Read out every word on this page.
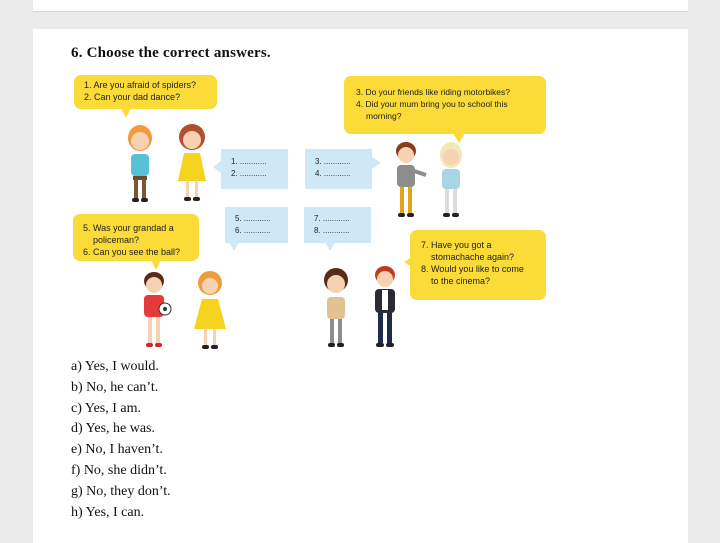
6. Choose the correct answers.
1. Are you afraid of spiders?
2. Can your dad dance?	3. Do your friends like riding motorbikes?
4. Did your mum bring you to school this
morning?
5. Was your grandad a
policeman?
6. Can you see the ball?
7. Have you got a
stomachache again?
8. Would you like to come
to the cinema?
1. ............
2. ............
3. ............
4. ............
5. ............
6. ............
7. ............
8. ............
a) Yes, I would.
b) No, he can’t.
c) Yes, I am.
d) Yes, he was.
e) No, I haven’t.
f) No, she didn’t.
g) No, they don’t.
h) Yes, I can.
